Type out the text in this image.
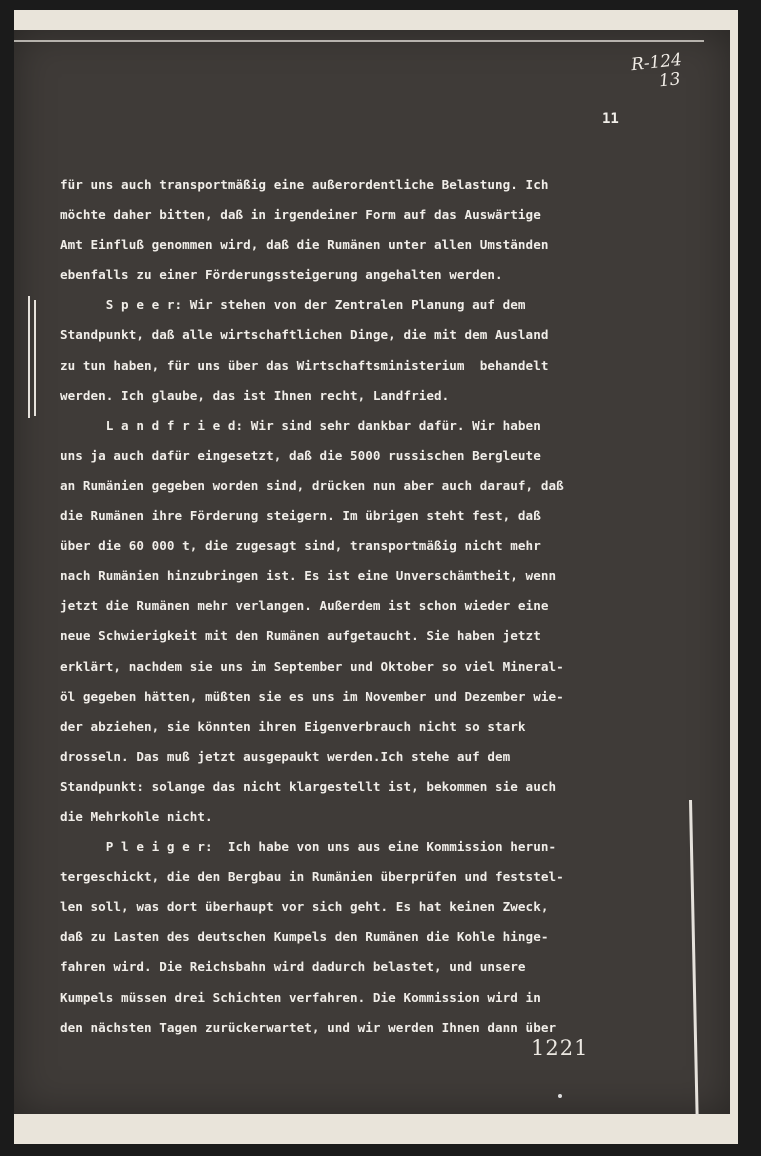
R-124
13
11
für uns auch transportmäßig eine außerordentliche Belastung. Ich
möchte daher bitten, daß in irgendeiner Form auf das Auswärtige
Amt Einfluß genommen wird, daß die Rumänen unter allen Umständen
ebenfalls zu einer Förderungssteigerung angehalten werden.
S p e e r: Wir stehen von der Zentralen Planung auf dem
Standpunkt, daß alle wirtschaftlichen Dinge, die mit dem Ausland
zu tun haben, für uns über das Wirtschaftsministerium  behandelt
werden. Ich glaube, das ist Ihnen recht, Landfried.
L a n d f r i e d: Wir sind sehr dankbar dafür. Wir haben
uns ja auch dafür eingesetzt, daß die 5000 russischen Bergleute
an Rumänien gegeben worden sind, drücken nun aber auch darauf, daß
die Rumänen ihre Förderung steigern. Im übrigen steht fest, daß
über die 60 000 t, die zugesagt sind, transportmäßig nicht mehr
nach Rumänien hinzubringen ist. Es ist eine Unverschämtheit, wenn
jetzt die Rumänen mehr verlangen. Außerdem ist schon wieder eine
neue Schwierigkeit mit den Rumänen aufgetaucht. Sie haben jetzt
erklärt, nachdem sie uns im September und Oktober so viel Mineral-
öl gegeben hätten, müßten sie es uns im November und Dezember wie-
der abziehen, sie könnten ihren Eigenverbrauch nicht so stark
drosseln. Das muß jetzt ausgepaukt werden.Ich stehe auf dem
Standpunkt: solange das nicht klargestellt ist, bekommen sie auch
die Mehrkohle nicht.
P l e i g e r:  Ich habe von uns aus eine Kommission herun-
tergeschickt, die den Bergbau in Rumänien überprüfen und feststel-
len soll, was dort überhaupt vor sich geht. Es hat keinen Zweck,
daß zu Lasten des deutschen Kumpels den Rumänen die Kohle hinge-
fahren wird. Die Reichsbahn wird dadurch belastet, und unsere
Kumpels müssen drei Schichten verfahren. Die Kommission wird in
den nächsten Tagen zurückerwartet, und wir werden Ihnen dann über
1221
